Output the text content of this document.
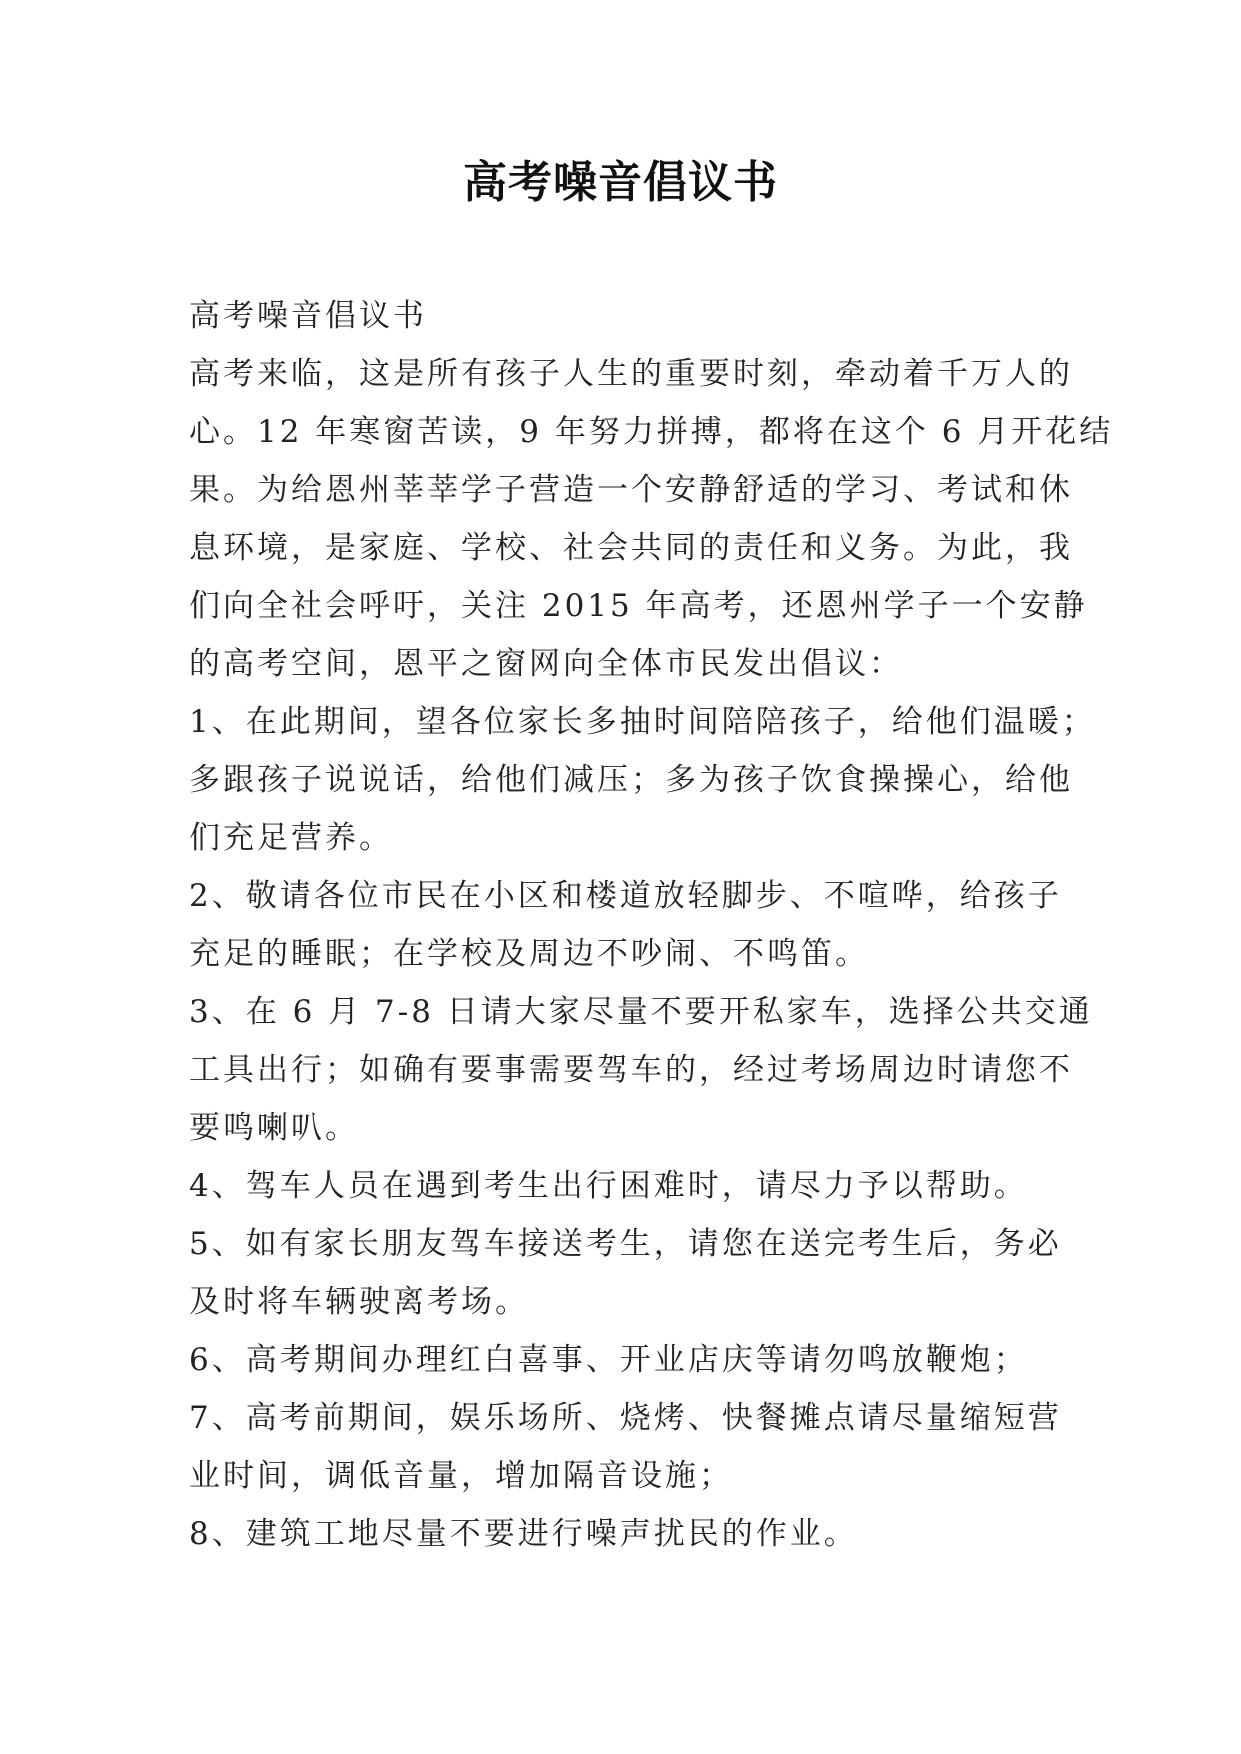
高考噪音倡议书
高考噪音倡议书
高考来临，这是所有孩子人生的重要时刻，牵动着千万人的
心。12 年寒窗苦读，9 年努力拼搏，都将在这个 6 月开花结
果。为给恩州莘莘学子营造一个安静舒适的学习、考试和休
息环境，是家庭、学校、社会共同的责任和义务。为此，我
们向全社会呼吁，关注 2015 年高考，还恩州学子一个安静
的高考空间，恩平之窗网向全体市民发出倡议：
1、在此期间，望各位家长多抽时间陪陪孩子，给他们温暖；
多跟孩子说说话，给他们减压；多为孩子饮食操操心，给他
们充足营养。
2、敬请各位市民在小区和楼道放轻脚步、不喧哗，给孩子
充足的睡眠；在学校及周边不吵闹、不鸣笛。
3、在 6 月 7-8 日请大家尽量不要开私家车，选择公共交通
工具出行；如确有要事需要驾车的，经过考场周边时请您不
要鸣喇叭。
4、驾车人员在遇到考生出行困难时，请尽力予以帮助。
5、如有家长朋友驾车接送考生，请您在送完考生后，务必
及时将车辆驶离考场。
6、高考期间办理红白喜事、开业店庆等请勿鸣放鞭炮；
7、高考前期间，娱乐场所、烧烤、快餐摊点请尽量缩短营
业时间，调低音量，增加隔音设施；
8、建筑工地尽量不要进行噪声扰民的作业。
